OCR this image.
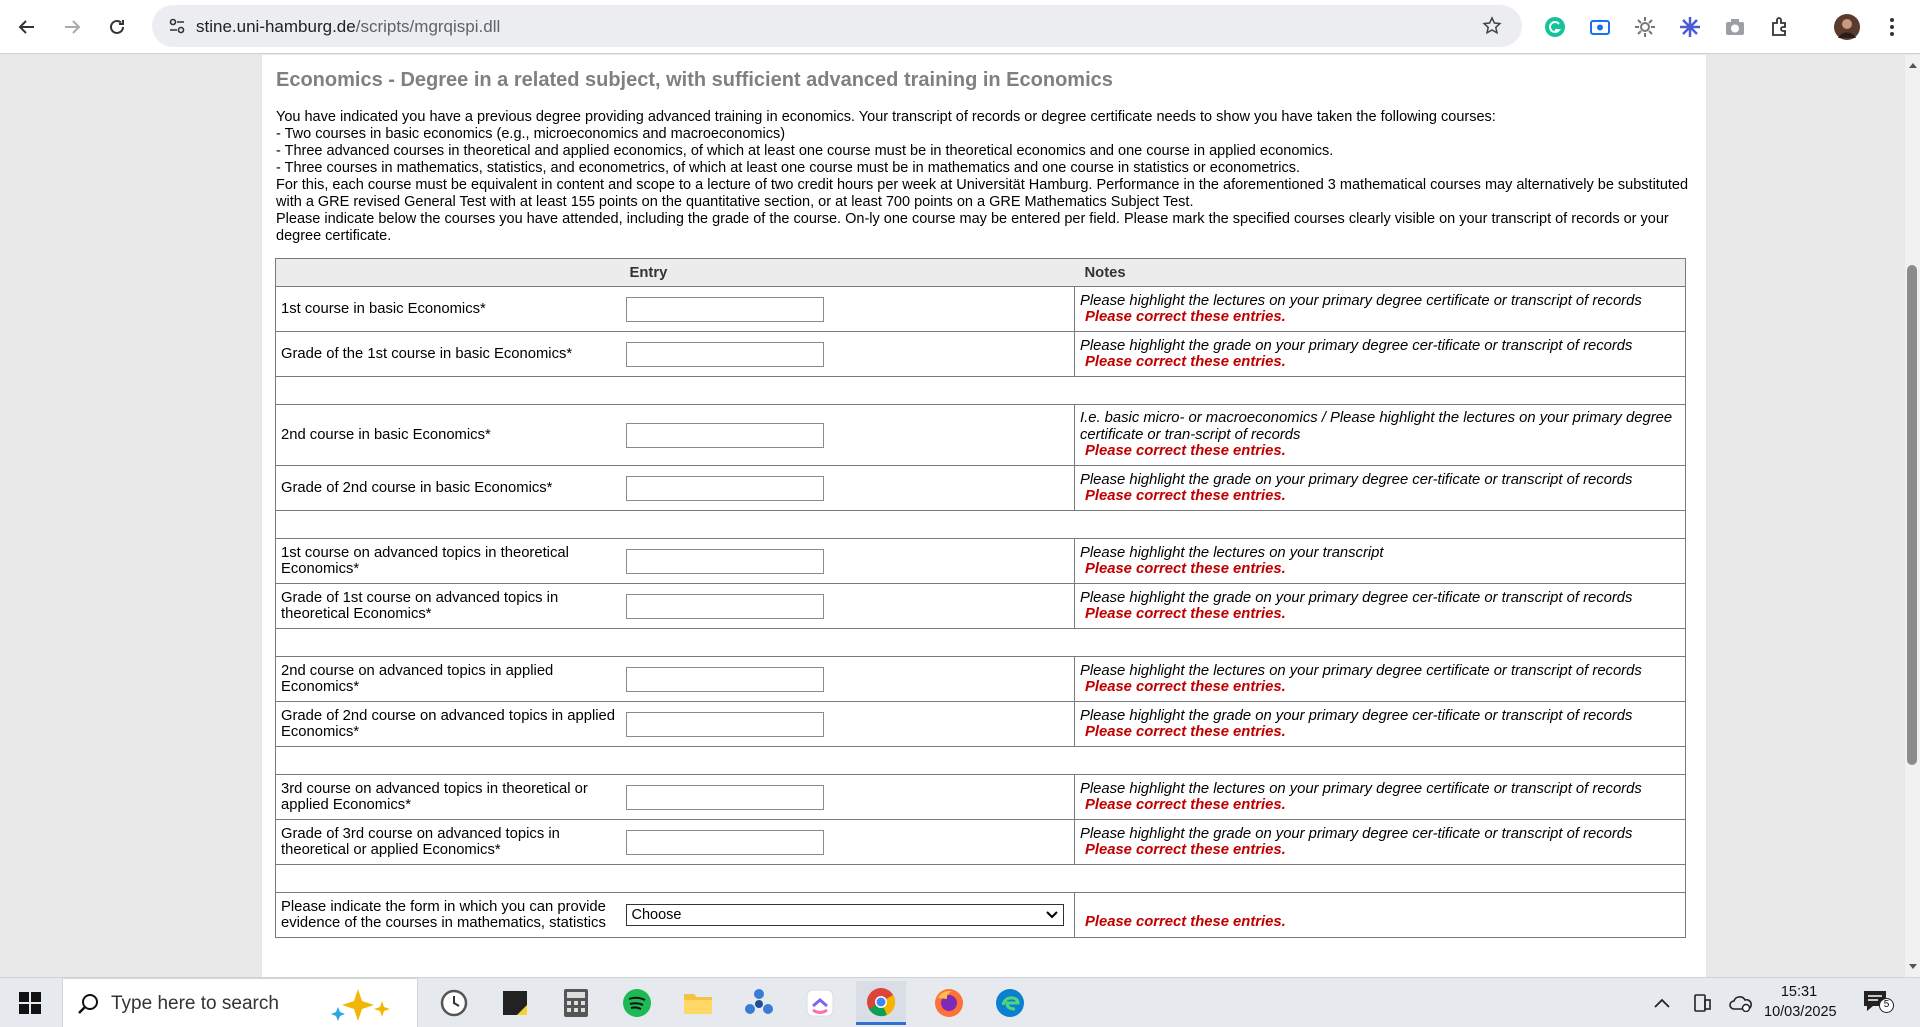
stine.uni-hamburg.de/scripts/mgrqispi.dll
Economics - Degree in a related subject, with sufficient advanced training in Economics

You have indicated you have a previous degree providing advanced training in economics. Your transcript of records or degree certificate needs to show you have taken the following courses:

- Two courses in basic economics (e.g., microeconomics and macroeconomics)

- Three advanced courses in theoretical and applied economics, of which at least one course must be in theoretical economics and one course in applied economics.

- Three courses in mathematics, statistics, and econometrics, of which at least one course must be in mathematics and one course in statistics or econometrics.

For this, each course must be equivalent in content and scope to a lecture of two credit hours per week at Universität Hamburg. Performance in the aforementioned 3 mathematical courses may alternatively be substituted with a GRE revised General Test with at least 155 points on the quantitative section, or at least 700 points on a GRE Mathematics Subject Test.

Please indicate below the courses you have attended, including the grade of the course. On-ly one course may be entered per field. Please mark the specified courses clearly visible on your transcript of records or your degree certificate.

	Entry	Notes
1st course in basic Economics*		Please highlight the lectures on your primary degree certificate or transcript of records
Please correct these entries.

Grade of the 1st course in basic Economics*		Please highlight the grade on your primary degree cer-tificate or transcript of records
Please correct these entries.

2nd course in basic Economics*		I.e. basic micro- or macroeconomics / Please highlight the lectures on your primary degree certificate or tran-script of records
Please correct these entries.

Grade of 2nd course in basic Economics*		Please highlight the grade on your primary degree cer-tificate or transcript of records
Please correct these entries.

1st course on advanced topics in theoretical Economics*		Please highlight the lectures on your transcript
Please correct these entries.

Grade of 1st course on advanced topics in theoretical Economics*		Please highlight the grade on your primary degree cer-tificate or transcript of records
Please correct these entries.

2nd course on advanced topics in applied Economics*		Please highlight the lectures on your primary degree certificate or transcript of records
Please correct these entries.

Grade of 2nd course on advanced topics in applied Economics*		Please highlight the grade on your primary degree cer-tificate or transcript of records
Please correct these entries.

3rd course on advanced topics in theoretical or applied Economics*		Please highlight the lectures on your primary degree certificate or transcript of records
Please correct these entries.

Grade of 3rd course on advanced topics in theoretical or applied Economics*		Please highlight the grade on your primary degree cer-tificate or transcript of records
Please correct these entries.

Please indicate the form in which you can provide evidence of the courses in mathematics, statistics	Choose	Please correct these entries.
Type here to search
15:31
10/03/2025	5
